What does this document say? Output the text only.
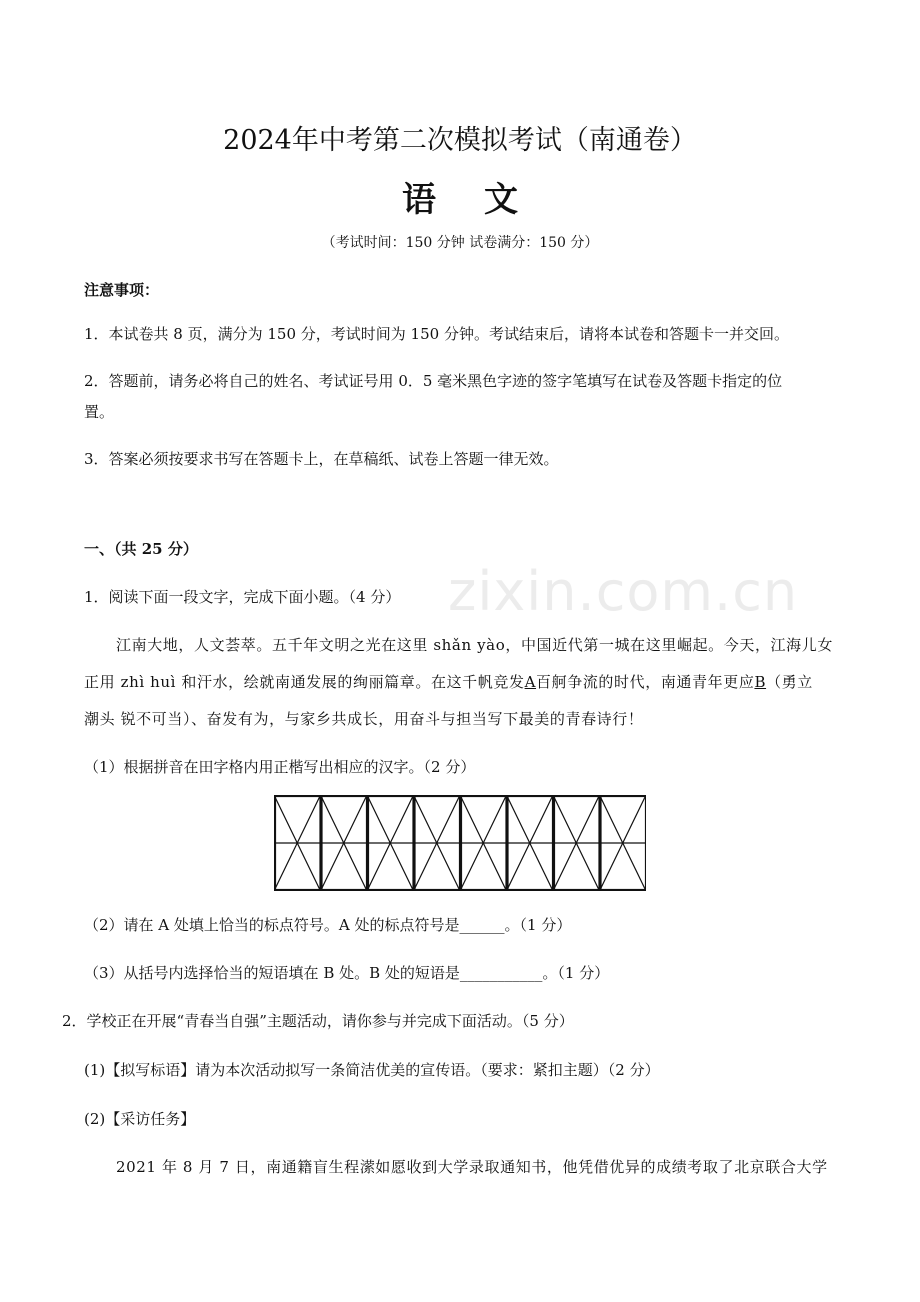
zixin.com.cn
2024年中考第二次模拟考试（南通卷）
语文
（考试时间：150 分钟 试卷满分：150 分）
注意事项：
1．本试卷共 8 页，满分为 150 分，考试时间为 150 分钟。考试结束后，请将本试卷和答题卡一并交回。
2．答题前，请务必将自己的姓名、考试证号用 0．5 毫米黑色字迹的签字笔填写在试卷及答题卡指定的位
置。
3．答案必须按要求书写在答题卡上，在草稿纸、试卷上答题一律无效。
一、（共 25 分）
1．阅读下面一段文字，完成下面小题。（4 分）
江南大地，人文荟萃。五千年文明之光在这里 shǎn yào，中国近代第一城在这里崛起。今天，江海儿女
正用 zhì huì 和汗水，绘就南通发展的绚丽篇章。在这千帆竞发A百舸争流的时代，南通青年更应B（勇立
潮头 锐不可当）、奋发有为，与家乡共成长，用奋斗与担当写下最美的青春诗行！
（1）根据拼音在田字格内用正楷写出相应的汉字。（2 分）
（2）请在 A 处填上恰当的标点符号。A 处的标点符号是______。（1 分）
（3）从括号内选择恰当的短语填在 B 处。B 处的短语是___________。（1 分）
2．学校正在开展“青春当自强”主题活动，请你参与并完成下面活动。（5 分）
(1)【拟写标语】请为本次活动拟写一条简洁优美的宣传语。（要求：紧扣主题）（2 分）
(2)【采访任务】
2021 年 8 月 7 日，南通籍盲生程潆如愿收到大学录取通知书，他凭借优异的成绩考取了北京联合大学
